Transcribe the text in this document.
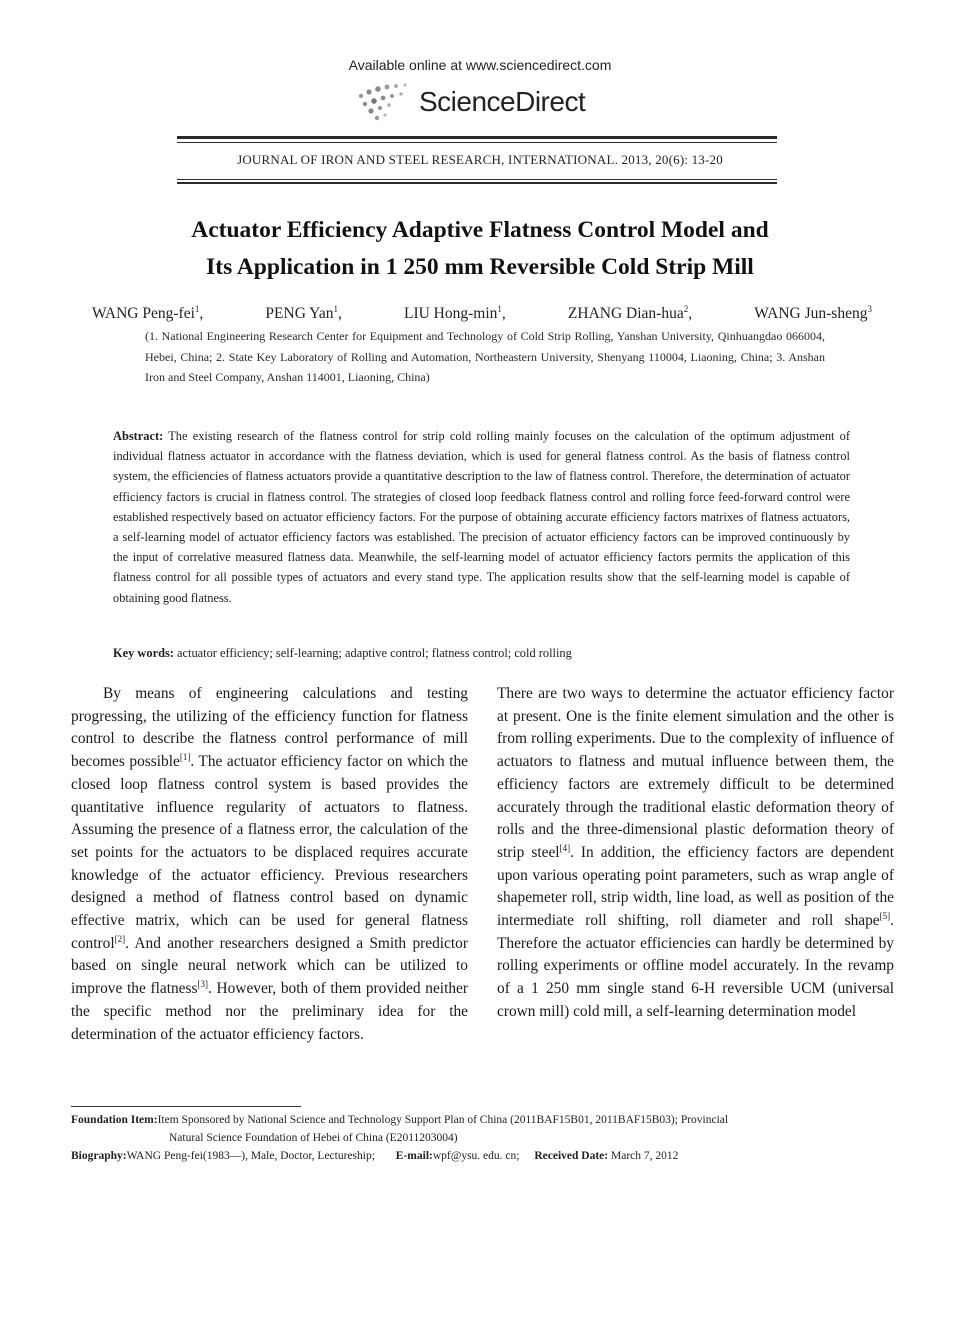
Available online at www.sciencedirect.com
ScienceDirect
JOURNAL OF IRON AND STEEL RESEARCH, INTERNATIONAL. 2013, 20(6): 13-20
Actuator Efficiency Adaptive Flatness Control Model and
Its Application in 1 250 mm Reversible Cold Strip Mill
WANG Peng-fei$^1$,	PENG Yan$^1$,	LIU Hong-$\min^1$,	ZHANG Dian-hua$^2$,	WANG Jun-sheng$^3$
(1. National Engineering Research Center for Equipment and Technology of Cold Strip Rolling, Yanshan University, Qinhuangdao 066004, Hebei, China; 2. State Key Laboratory of Rolling and Automation, Northeastern University, Shenyang 110004, Liaoning, China; 3. Anshan Iron and Steel Company, Anshan 114001, Liaoning, China)
Abstract: The existing research of the flatness control for strip cold rolling mainly focuses on the calculation of the optimum adjustment of individual flatness actuator in accordance with the flatness deviation, which is used for general flatness control. As the basis of flatness control system, the efficiencies of flatness actuators provide a quantitative description to the law of flatness control. Therefore, the determination of actuator efficiency factors is crucial in flatness control. The strategies of closed loop feedback flatness control and rolling force feed-forward control were established respectively based on actuator efficiency factors. For the purpose of obtaining accurate efficiency factors matrixes of flatness actuators, a self-learning model of actuator efficiency factors was established. The precision of actuator efficiency factors can be improved continuously by the input of correlative measured flatness data. Meanwhile, the self-learning model of actuator efficiency factors permits the application of this flatness control for all possible types of actuators and every stand type. The application results show that the self-learning model is capable of obtaining good flatness.
Key words: actuator efficiency; self-learning; adaptive control; flatness control; cold rolling
By means of engineering calculations and testing progressing, the utilizing of the efficiency function for flatness control to describe the flatness control performance of mill becomes possible[1]. The actuator efficiency factor on which the closed loop flatness control system is based provides the quantitative influence regularity of actuators to flatness. Assuming the presence of a flatness error, the calculation of the set points for the actuators to be displaced requires accurate knowledge of the actuator efficiency. Previous researchers designed a method of flatness control based on dynamic effective matrix, which can be used for general flatness control[2]. And another researchers designed a Smith predictor based on single neural network which can be utilized to improve the flatness[3]. However, both of them provided neither the specific method nor the preliminary idea for the determination of the actuator efficiency factors.
There are two ways to determine the actuator efficiency factor at present. One is the finite element simulation and the other is from rolling experiments. Due to the complexity of influence of actuators to flatness and mutual influence between them, the efficiency factors are extremely difficult to be determined accurately through the traditional elastic deformation theory of rolls and the three-dimensional plastic deformation theory of strip steel[4]. In addition, the efficiency factors are dependent upon various operating point parameters, such as wrap angle of shapemeter roll, strip width, line load, as well as position of the intermediate roll shifting, roll diameter and roll shape[5]. Therefore the actuator efficiencies can hardly be determined by rolling experiments or offline model accurately. In the revamp of a 1 250 mm single stand 6-H reversible UCM (universal crown mill) cold mill, a self-learning determination model
Foundation Item:Item Sponsored by National Science and Technology Support Plan of China (2011BAF15B01, 2011BAF15B03); Provincial
Natural Science Foundation of Hebei of China (E2011203004)
Biography:WANG Peng-fei(1983—), Male, Doctor, Lectureship; E-mail:wpf@ysu. edu. cn; Received Date: March 7, 2012
